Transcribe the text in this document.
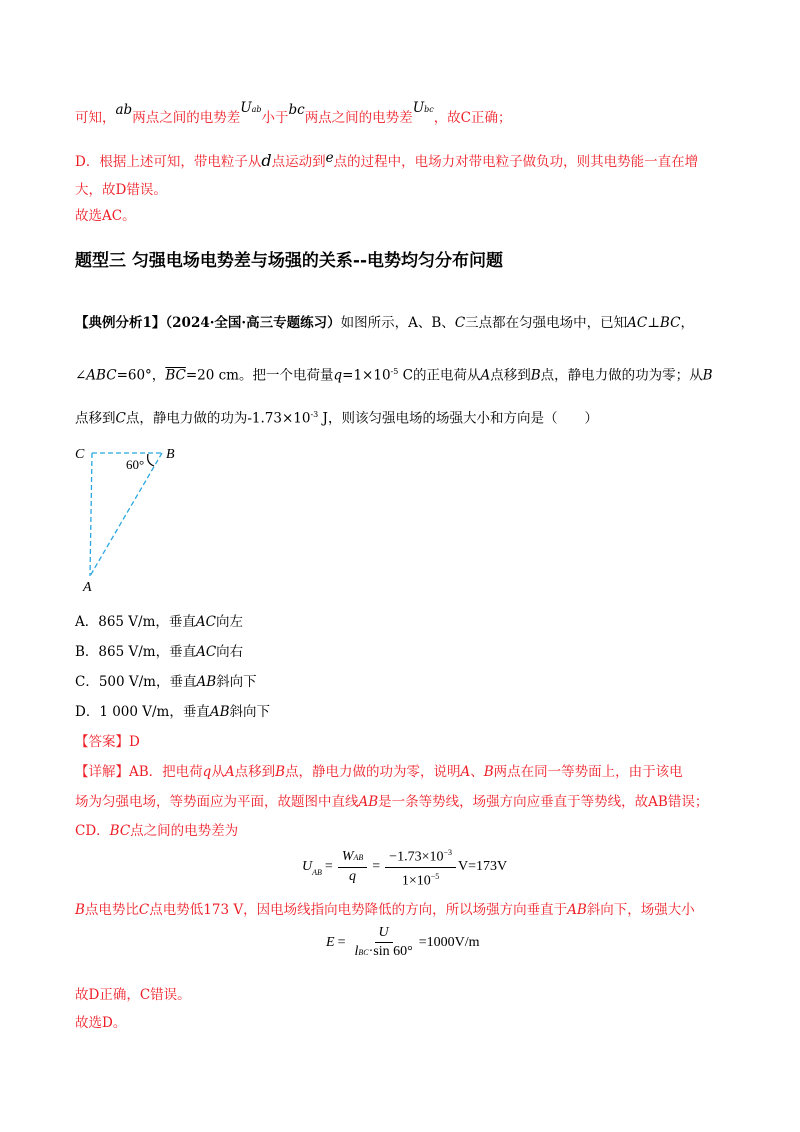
可知，ab两点之间的电势差Uab小于bc两点之间的电势差Ubc，故C正确；
D．根据上述可知，带电粒子从d点运动到e点的过程中，电场力对带电粒子做负功，则其电势能一直在增
大，故D错误。
故选AC。
题型三 匀强电场电势差与场强的关系--电势均匀分布问题
【典例分析1】（2024·全国·高三专题练习）如图所示，A、B、C三点都在匀强电场中，已知AC⊥BC，
∠ABC=60°，$\overline{BC}=20$ cm。把一个电荷量$q=1\times 10^{-5}$ C的正电荷从A点移到B点，静电力做的功为零；从B
点移到C点，静电力做的功为$-1.73\times 10^{-3}$ J，则该匀强电场的场强大小和方向是（　　）
C	B
A
60°
A．865 V/m，垂直AC向左
B．865 V/m，垂直AC向右
C．500 V/m，垂直AB斜向下
D．1 000 V/m，垂直AB斜向下
【答案】D
【详解】AB．把电荷q从A点移到B点，静电力做的功为零，说明A、B两点在同一等势面上，由于该电
场为匀强电场，等势面应为平面，故题图中直线AB是一条等势线，场强方向应垂直于等势线，故AB错误；
CD．BC点之间的电势差为
U AB = $\frac{\text{WAB}}{q} = \frac{-1.73\times 10^{-3}}{1\times 10^{-5}} V=173V$
B点电势比C点电势低173 V，因电场线指向电势降低的方向，所以场强方向垂直于AB斜向下，场强大小
$E = \frac{U}{\text{lBC·sin 60°}} =1000V/m$
故D正确，C错误。
故选D。
